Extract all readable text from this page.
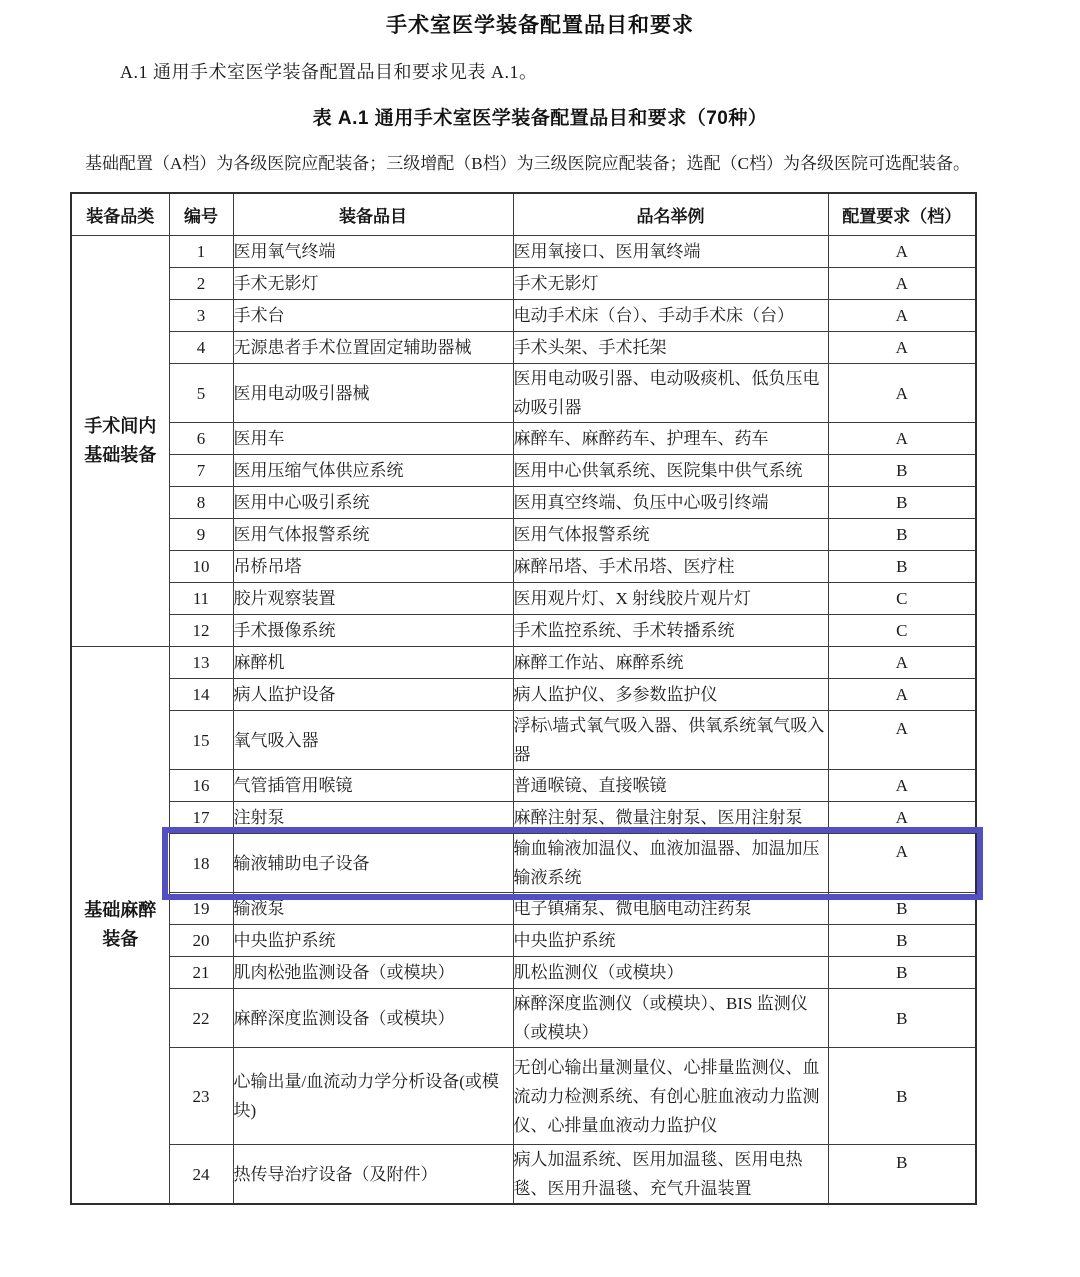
手术室医学装备配置品目和要求

A.1 通用手术室医学装备配置品目和要求见表 A.1。

表 A.1 通用手术室医学装备配置品目和要求（70种）

基础配置（A档）为各级医院应配装备；三级增配（B档）为三级医院应配装备；选配（C档）为各级医院可选配装备。

装备品类	编号	装备品目	品名举例	配置要求（档）

手术间内
基础装备	1	医用氧气终端	医用氧接口、医用氧终端	A
	2	手术无影灯	手术无影灯	A
	3	手术台	电动手术床（台）、手动手术床（台）	A
	4	无源患者手术位置固定辅助器械	手术头架、手术托架	A
	5	医用电动吸引器械	医用电动吸引器、电动吸痰机、低负压电动吸引器	A
	6	医用车	麻醉车、麻醉药车、护理车、药车	A
	7	医用压缩气体供应系统	医用中心供氧系统、医院集中供气系统	B
	8	医用中心吸引系统	医用真空终端、负压中心吸引终端	B
	9	医用气体报警系统	医用气体报警系统	B
	10	吊桥吊塔	麻醉吊塔、手术吊塔、医疗柱	B
	11	胶片观察装置	医用观片灯、X 射线胶片观片灯	C
	12	手术摄像系统	手术监控系统、手术转播系统	C

基础麻醉
装备	13	麻醉机	麻醉工作站、麻醉系统	A
	14	病人监护设备	病人监护仪、多参数监护仪	A
	15	氧气吸入器	浮标\墙式氧气吸入器、供氧系统氧气吸入器	A
	16	气管插管用喉镜	普通喉镜、直接喉镜	A
	17	注射泵	麻醉注射泵、微量注射泵、医用注射泵	A
	18	输液辅助电子设备	输血输液加温仪、血液加温器、加温加压输液系统	A
	19	输液泵	电子镇痛泵、微电脑电动注药泵	B
	20	中央监护系统	中央监护系统	B
	21	肌肉松弛监测设备（或模块）	肌松监测仪（或模块）	B
	22	麻醉深度监测设备（或模块）	麻醉深度监测仪（或模块）、BIS 监测仪（或模块）	B
	23	心输出量/血流动力学分析设备(或模块)	无创心输出量测量仪、心排量监测仪、血流动力检测系统、有创心脏血液动力监测仪、心排量血液动力监护仪	B
	24	热传导治疗设备（及附件）	病人加温系统、医用加温毯、医用电热毯、医用升温毯、充气升温装置	B
